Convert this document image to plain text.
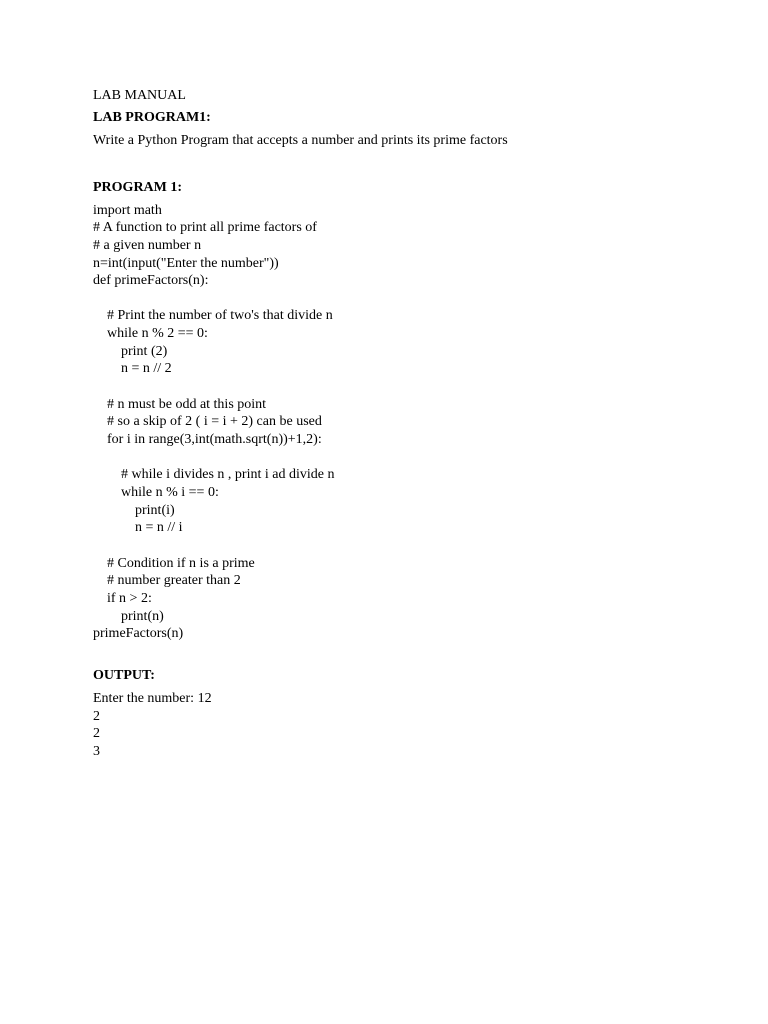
LAB MANUAL
LAB PROGRAM1:
Write a Python Program that accepts a number and prints its prime factors
PROGRAM 1:
import math
# A function to print all prime factors of
# a given number n
n=int(input("Enter the number"))
def primeFactors(n):
# Print the number of two's that divide n
while n % 2 == 0:
print (2)
n = n // 2
# n must be odd at this point
# so a skip of 2 ( i = i + 2) can be used
for i in range(3,int(math.sqrt(n))+1,2):
# while i divides n , print i ad divide n
while n % i == 0:
print(i)
n = n // i
# Condition if n is a prime
# number greater than 2
if n > 2:
print(n)
primeFactors(n)
OUTPUT:
Enter the number: 12
2
2
3
